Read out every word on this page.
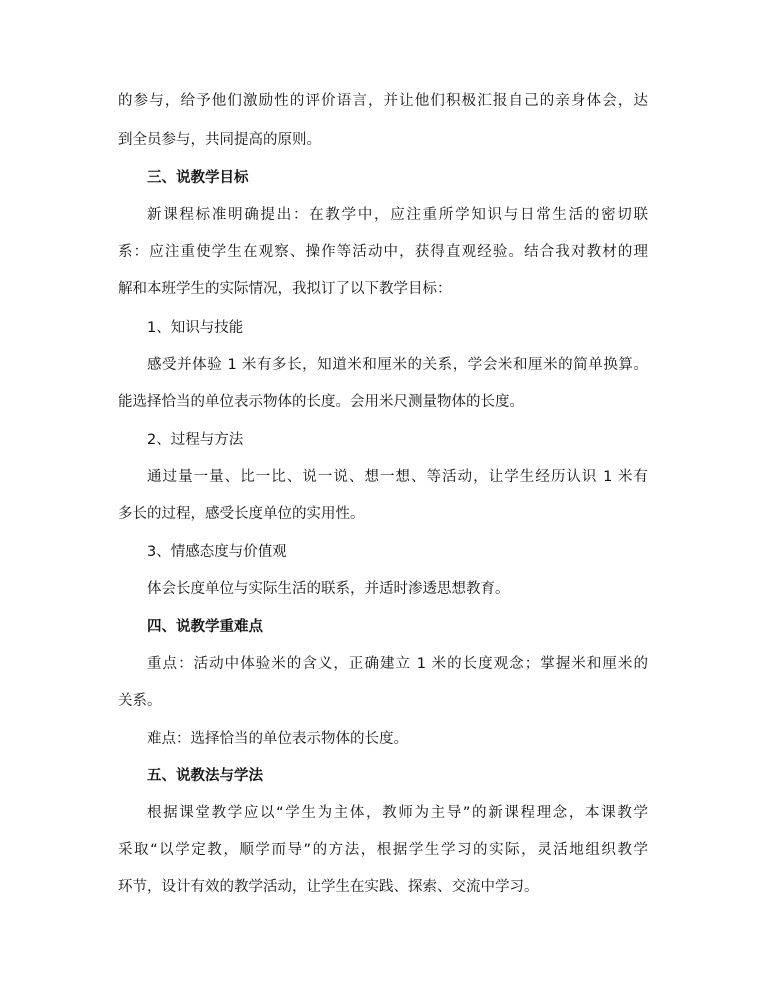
的参与，给予他们激励性的评价语言，并让他们积极汇报自己的亲身体会，达
到全员参与，共同提高的原则。
三、说教学目标
新课程标准明确提出：在教学中，应注重所学知识与日常生活的密切联
系：应注重使学生在观察、操作等活动中，获得直观经验。结合我对教材的理
解和本班学生的实际情况，我拟订了以下教学目标：
1、知识与技能
感受并体验 1 米有多长，知道米和厘米的关系，学会米和厘米的简单换算。
能选择恰当的单位表示物体的长度。会用米尺测量物体的长度。
2、过程与方法
通过量一量、比一比、说一说、想一想、等活动，让学生经历认识 1 米有
多长的过程，感受长度单位的实用性。
3、情感态度与价值观
体会长度单位与实际生活的联系，并适时渗透思想教育。
四、说教学重难点
重点：活动中体验米的含义，正确建立 1 米的长度观念；掌握米和厘米的
关系。
难点：选择恰当的单位表示物体的长度。
五、说教法与学法
根据课堂教学应以“学生为主体，教师为主导”的新课程理念，本课教学
采取“以学定教，顺学而导”的方法，根据学生学习的实际，灵活地组织教学
环节，设计有效的教学活动，让学生在实践、探索、交流中学习。
